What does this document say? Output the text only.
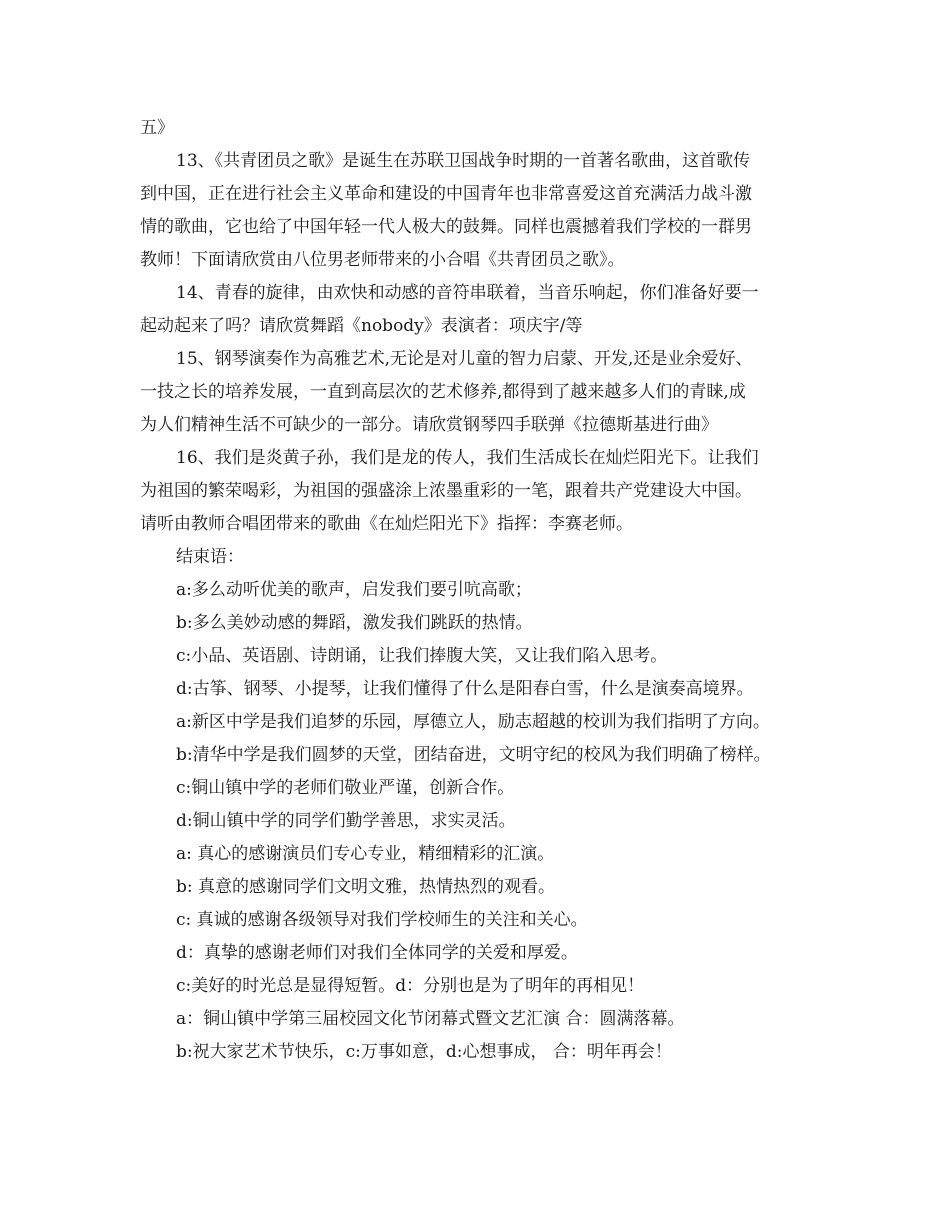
五》
13、《共青团员之歌》是诞生在苏联卫国战争时期的一首著名歌曲，这首歌传
到中国，正在进行社会主义革命和建设的中国青年也非常喜爱这首充满活力战斗激
情的歌曲，它也给了中国年轻一代人极大的鼓舞。同样也震撼着我们学校的一群男
教师！下面请欣赏由八位男老师带来的小合唱《共青团员之歌》。
14、青春的旋律，由欢快和动感的音符串联着，当音乐响起，你们准备好要一
起动起来了吗？请欣赏舞蹈《nobody》表演者：项庆宇/等
15、钢琴演奏作为高雅艺术,无论是对儿童的智力启蒙、开发,还是业余爱好、
一技之长的培养发展，一直到高层次的艺术修养,都得到了越来越多人们的青睐,成
为人们精神生活不可缺少的一部分。请欣赏钢琴四手联弹《拉德斯基进行曲》
16、我们是炎黄子孙，我们是龙的传人，我们生活成长在灿烂阳光下。让我们
为祖国的繁荣喝彩，为祖国的强盛涂上浓墨重彩的一笔，跟着共产党建设大中国。
请听由教师合唱团带来的歌曲《在灿烂阳光下》指挥：李赛老师。
结束语：
a:多么动听优美的歌声，启发我们要引吭高歌；
b:多么美妙动感的舞蹈，激发我们跳跃的热情。
c:小品、英语剧、诗朗诵，让我们捧腹大笑，又让我们陷入思考。
d:古筝、钢琴、小提琴，让我们懂得了什么是阳春白雪，什么是演奏高境界。
a:新区中学是我们追梦的乐园，厚德立人，励志超越的校训为我们指明了方向。
b:清华中学是我们圆梦的天堂，团结奋进，文明守纪的校风为我们明确了榜样。
c:铜山镇中学的老师们敬业严谨，创新合作。
d:铜山镇中学的同学们勤学善思，求实灵活。
a: 真心的感谢演员们专心专业，精细精彩的汇演。
b: 真意的感谢同学们文明文雅，热情热烈的观看。
c: 真诚的感谢各级领导对我们学校师生的关注和关心。
d：真挚的感谢老师们对我们全体同学的关爱和厚爱。
c:美好的时光总是显得短暂。d：分别也是为了明年的再相见！
a：铜山镇中学第三届校园文化节闭幕式暨文艺汇演 合：圆满落幕。
b:祝大家艺术节快乐，c:万事如意，d:心想事成， 合：明年再会！
